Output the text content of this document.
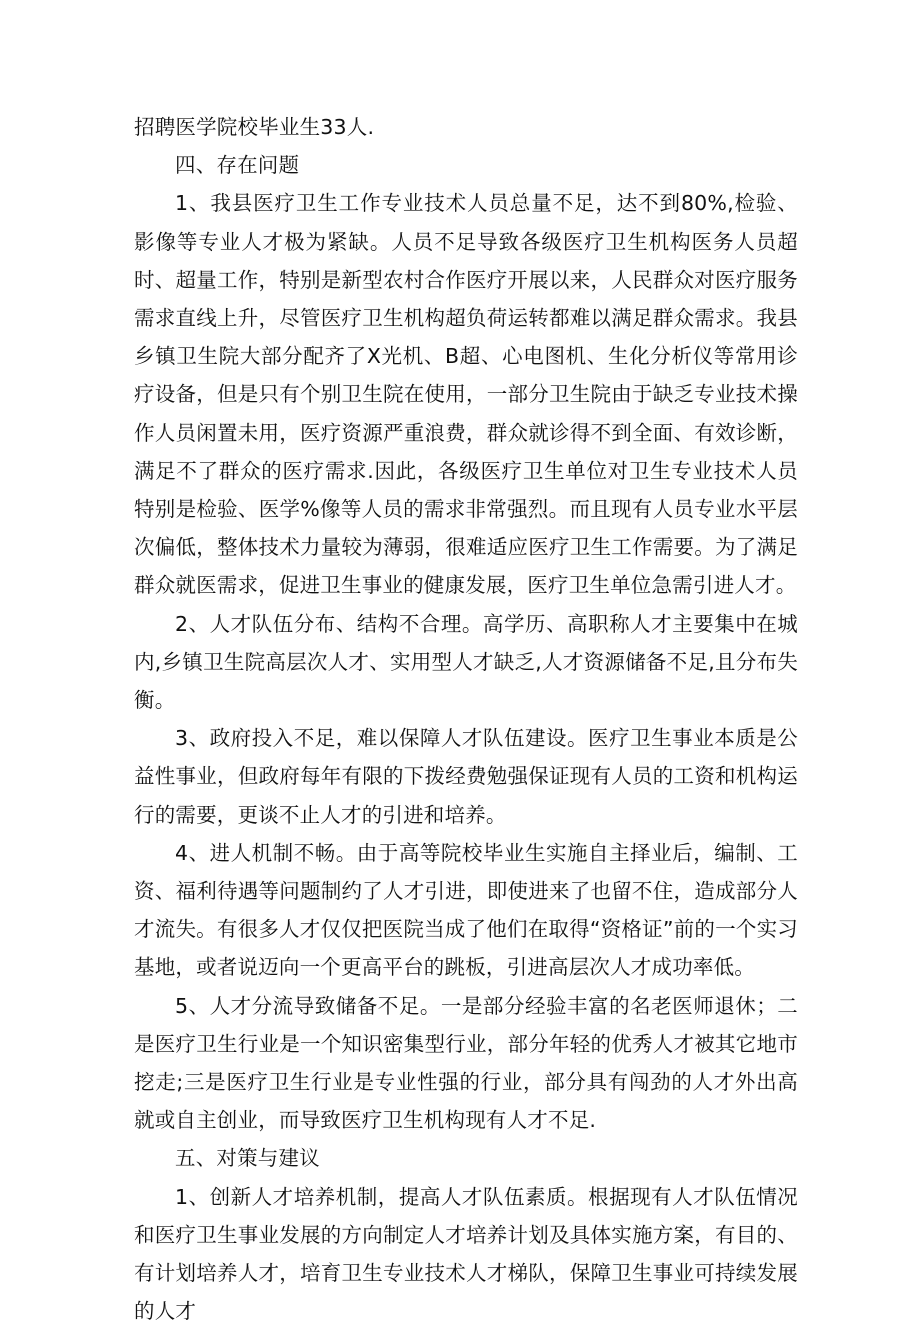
招聘医学院校毕业生33人.

四、存在问题

1、我县医疗卫生工作专业技术人员总量不足，达不到80%,检验、影像等专业人才极为紧缺。人员不足导致各级医疗卫生机构医务人员超时、超量工作，特别是新型农村合作医疗开展以来，人民群众对医疗服务需求直线上升，尽管医疗卫生机构超负荷运转都难以满足群众需求。我县乡镇卫生院大部分配齐了X光机、B超、心电图机、生化分析仪等常用诊疗设备，但是只有个别卫生院在使用，一部分卫生院由于缺乏专业技术操作人员闲置未用，医疗资源严重浪费，群众就诊得不到全面、有效诊断，满足不了群众的医疗需求.因此，各级医疗卫生单位对卫生专业技术人员特别是检验、医学%像等人员的需求非常强烈。而且现有人员专业水平层次偏低，整体技术力量较为薄弱，很难适应医疗卫生工作需要。为了满足群众就医需求，促进卫生事业的健康发展，医疗卫生单位急需引进人才。

2、人才队伍分布、结构不合理。高学历、高职称人才主要集中在城内,乡镇卫生院高层次人才、实用型人才缺乏,人才资源储备不足,且分布失衡。

3、政府投入不足，难以保障人才队伍建设。医疗卫生事业本质是公益性事业，但政府每年有限的下拨经费勉强保证现有人员的工资和机构运行的需要，更谈不止人才的引进和培养。

4、进人机制不畅。由于高等院校毕业生实施自主择业后，编制、工资、福利待遇等问题制约了人才引进，即使进来了也留不住，造成部分人才流失。有很多人才仅仅把医院当成了他们在取得“资格证”前的一个实习基地，或者说迈向一个更高平台的跳板，引进高层次人才成功率低。

5、人才分流导致储备不足。一是部分经验丰富的名老医师退休；二是医疗卫生行业是一个知识密集型行业，部分年轻的优秀人才被其它地市挖走;三是医疗卫生行业是专业性强的行业，部分具有闯劲的人才外出高就或自主创业，而导致医疗卫生机构现有人才不足.

五、对策与建议

1、创新人才培养机制，提高人才队伍素质。根据现有人才队伍情况和医疗卫生事业发展的方向制定人才培养计划及具体实施方案，有目的、有计划培养人才，培育卫生专业技术人才梯队，保障卫生事业可持续发展的人才
